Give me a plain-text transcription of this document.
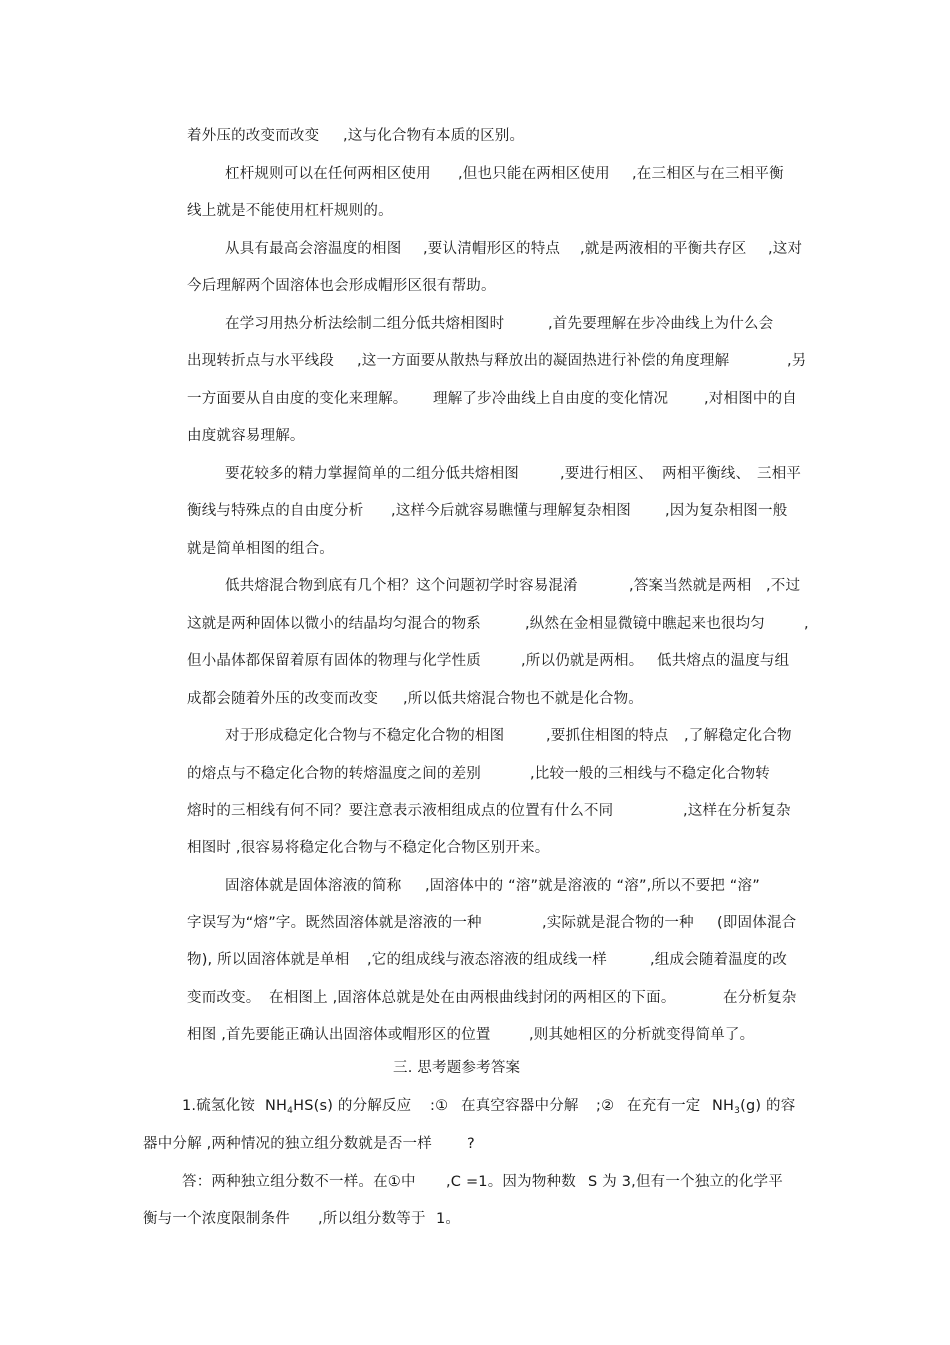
着外压的改变而改变

,这与化合物有本质的区别。

杠杆规则可以在任何两相区使用

,但也只能在两相区使用

,在三相区与在三相平衡

线上就是不能使用杠杆规则的。

从具有最高会溶温度的相图

,要认清帽形区的特点

,就是两液相的平衡共存区

,这对

今后理解两个固溶体也会形成帽形区很有帮助。

在学习用热分析法绘制二组分低共熔相图时

	,首先要理解在步冷曲线上为什么会

出现转折点与水平线段

,这一方面要从散热与释放出的凝固热进行补偿的角度理解

	,另

一方面要从自由度的变化来理解。

理解了步冷曲线上自由度的变化情况

,对相图中的自

由度就容易理解。

要花较多的精力掌握简单的二组分低共熔相图

	,要进行相区、

两相平衡线、

三相平

衡线与特殊点的自由度分析

,这样今后就容易瞧懂与理解复杂相图

,因为复杂相图一般

就是简单相图的组合。

低共熔混合物到底有几个相？这个问题初学时容易混淆

	,答案当然就是两相

,不过

这就是两种固体以微小的结晶均匀混合的物系

	,纵然在金相显微镜中瞧起来也很均匀

	,

但小晶体都保留着原有固体的物理与化学性质

	,所以仍就是两相。

低共熔点的温度与组

成都会随着外压的改变而改变

,所以低共熔混合物也不就是化合物。

对于形成稳定化合物与不稳定化合物的相图

	,要抓住相图的特点

,了解稳定化合物

的熔点与不稳定化合物的转熔温度之间的差别

	,比较一般的三相线与不稳定化合物转

熔时的三相线有何不同？要注意表示液相组成点的位置有什么不同

	,这样在分析复杂

相图时 ,很容易将稳定化合物与不稳定化合物区别开来。

固溶体就是固体溶液的简称

,固溶体中的 “溶”就是溶液的 “溶”,所以不要把 “溶”

字误写为“熔”字。既然固溶体就是溶液的一种

	,实际就是混合物的一种

(即固体混合

物), 所以固溶体就是单相

,它的组成线与液态溶液的组成线一样

	,组成会随着温度的改

变而改变。

在相图上 ,固溶体总就是处在由两根曲线封闭的两相区的下面。

	在分析复杂

相图 ,首先要能正确认出固溶体或帽形区的位置

	,则其她相区的分析就变得简单了。

三. 思考题参考答案

1.硫氢化铵

$NH_4HS(s)$ 的分解反应

:①

在真空容器中分解

;②

在充有一定

$NH_3(g)$ 的容

器中分解 ,两种情况的独立组分数就是否一样

?

答：两种独立组分数不一样。在①中

,C =1。因为物种数

S 为 3,但有一个独立的化学平

衡与一个浓度限制条件

,所以组分数等于

1。
